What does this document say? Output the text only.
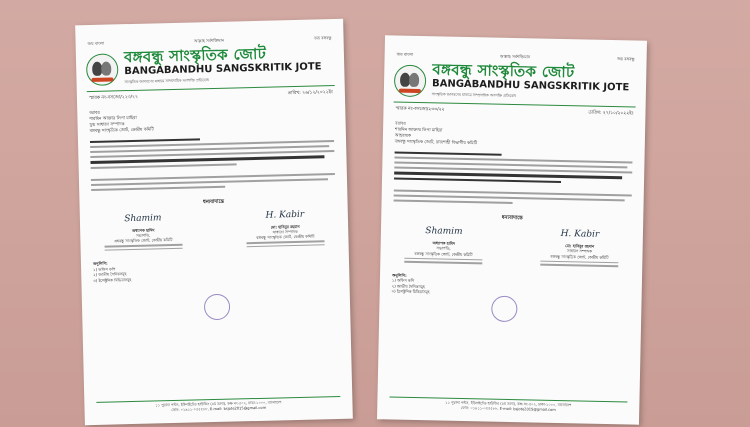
জয় বাংলা	আল্লাহ সর্বশক্তিমান	জয় বঙ্গবন্ধু
বঙ্গবন্ধু সাংস্কৃতিক জোট
BANGABANDHU SANGSKRITIK JOTE
সাংস্কৃতিক জাগরণের মাধ্যমে সাম্প্রদায়িক অপশক্তি প্রতিরোধ
স্মারক নং-বসজো/২২৩/২২
তারিখ: ২৬/১২/২০২২ইং
বরাবর
শারমিন আক্তার লিপা মাহিরা
যুগ্ম সাধারণ সম্পাদক
বঙ্গবন্ধু সাংস্কৃতিক জোট, কেন্দ্রীয় কমিটি
ধন্যবাদান্তে
Shamim
অধ্যাপক হামিদ
সভাপতি,
বঙ্গবন্ধু সাংস্কৃতিক জোট, কেন্দ্রীয় কমিটি
H. Kabir
মো: হাবিবুর রহমান
সাধারণ সম্পাদক
বঙ্গবন্ধু সাংস্কৃতিক জোট, কেন্দ্রীয় কমিটি
অনুলিপি:
১) অফিস কপি
২) জাতীয় দৈনিকসমূহ
৩) ইলেক্ট্রনিক মিডিয়াসমূহ
১১ পুরানা পল্টন, ইউনাইটেড হাউজিং (৫ম তলা), কক্ষ নং-৫০২, ঢাকা-১০০০, বাংলাদেশ
ফোন: ০১৯১১-০৫৫৫৮৮, E-mail: bsjote2015@gmail.com
জয় বাংলা	আল্লাহ সর্বশক্তিমান	জয় বঙ্গবন্ধু
বঙ্গবন্ধু সাংস্কৃতিক জোট
BANGABANDHU SANGSKRITIK JOTE
সাংস্কৃতিক জাগরণের মাধ্যমে সাম্প্রদায়িক অপশক্তি প্রতিরোধ
স্মারক নং-বসজো/২৩৩/২২
তারিখ: ২৭/১০/২০২২ইং
বরাবর
শারমিন আক্তার লিপা মাহিরা
আহবায়ক
বঙ্গবন্ধু সাংস্কৃতিক জোট, রাজশাহী বিভাগীয় কমিটি
ধন্যবাদান্তে
Shamim
অধ্যাপক হামিদ
সভাপতি,
বঙ্গবন্ধু সাংস্কৃতিক জোট, কেন্দ্রীয় কমিটি
H. Kabir
মো: হাবিবুর রহমান
সাধারণ সম্পাদক
বঙ্গবন্ধু সাংস্কৃতিক জোট, কেন্দ্রীয় কমিটি
অনুলিপি:
১) অফিস কপি
২) জাতীয় দৈনিকসমূহ
৩) ইলেক্ট্রনিক মিডিয়াসমূহ
১১ পুরানা পল্টন, ইউনাইটেড হাউজিং (৫ম তলা), কক্ষ নং-৫০২, ঢাকা-১০০০, বাংলাদেশ
ফোন: ০১৯১১-০৫৫৫৮৮, E-mail: bsjote2015@gmail.com
